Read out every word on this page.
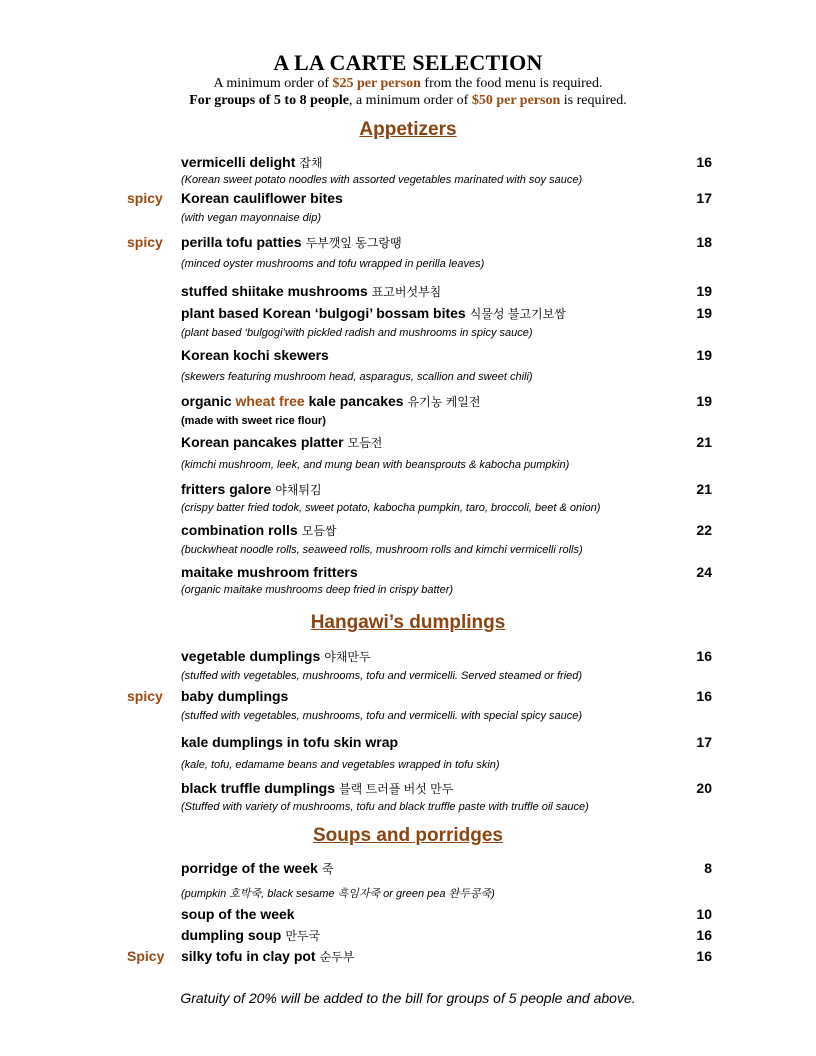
A LA CARTE SELECTION
A minimum order of $25 per person from the food menu is required.
For groups of 5 to 8 people, a minimum order of $50 per person is required.
Appetizers
vermicelli delight 잡채	16
(Korean sweet potato noodles with assorted vegetables marinated with soy sauce)
spicy Korean cauliflower bites	17
(with vegan mayonnaise dip)
spicy perilla tofu patties 두부깻잎 동그랑땡	18
(minced oyster mushrooms and tofu wrapped in perilla leaves)
stuffed shiitake mushrooms 표고버섯부침	19
plant based Korean ‘bulgogi’ bossam bites 식물성 불고기보쌈	19
(plant based ‘bulgogi’with pickled radish and mushrooms in spicy sauce)
Korean kochi skewers	19
(skewers featuring mushroom head, asparagus, scallion and sweet chili)
organic wheat free kale pancakes 유기농 케일전	19
(made with sweet rice flour)
Korean pancakes platter 모듬전	21
(kimchi mushroom, leek, and mung bean with beansprouts & kabocha pumpkin)
fritters galore 야채튀김	21
(crispy batter fried todok, sweet potato, kabocha pumpkin, taro, broccoli, beet & onion)
combination rolls 모듬쌈	22
(buckwheat noodle rolls, seaweed rolls, mushroom rolls and kimchi vermicelli rolls)
maitake mushroom fritters	24
(organic maitake mushrooms deep fried in crispy batter)
Hangawi’s dumplings
vegetable dumplings 야채만두	16
(stuffed with vegetables, mushrooms, tofu and vermicelli. Served steamed or fried)
spicy baby dumplings	16
(stuffed with vegetables, mushrooms, tofu and vermicelli. with special spicy sauce)
kale dumplings in tofu skin wrap	17
(kale, tofu, edamame beans and vegetables wrapped in tofu skin)
black truffle dumplings 블랙 트러플 버섯 만두	20
(Stuffed with variety of mushrooms, tofu and black truffle paste with truffle oil sauce)
Soups and porridges
porridge of the week 죽	8
(pumpkin 호박죽, black sesame 흑임자죽 or green pea 완두콩죽)
soup of the week	10
dumpling soup 만두국	16
Spicy silky tofu in clay pot 순두부	16
Gratuity of 20% will be added to the bill for groups of 5 people and above.
